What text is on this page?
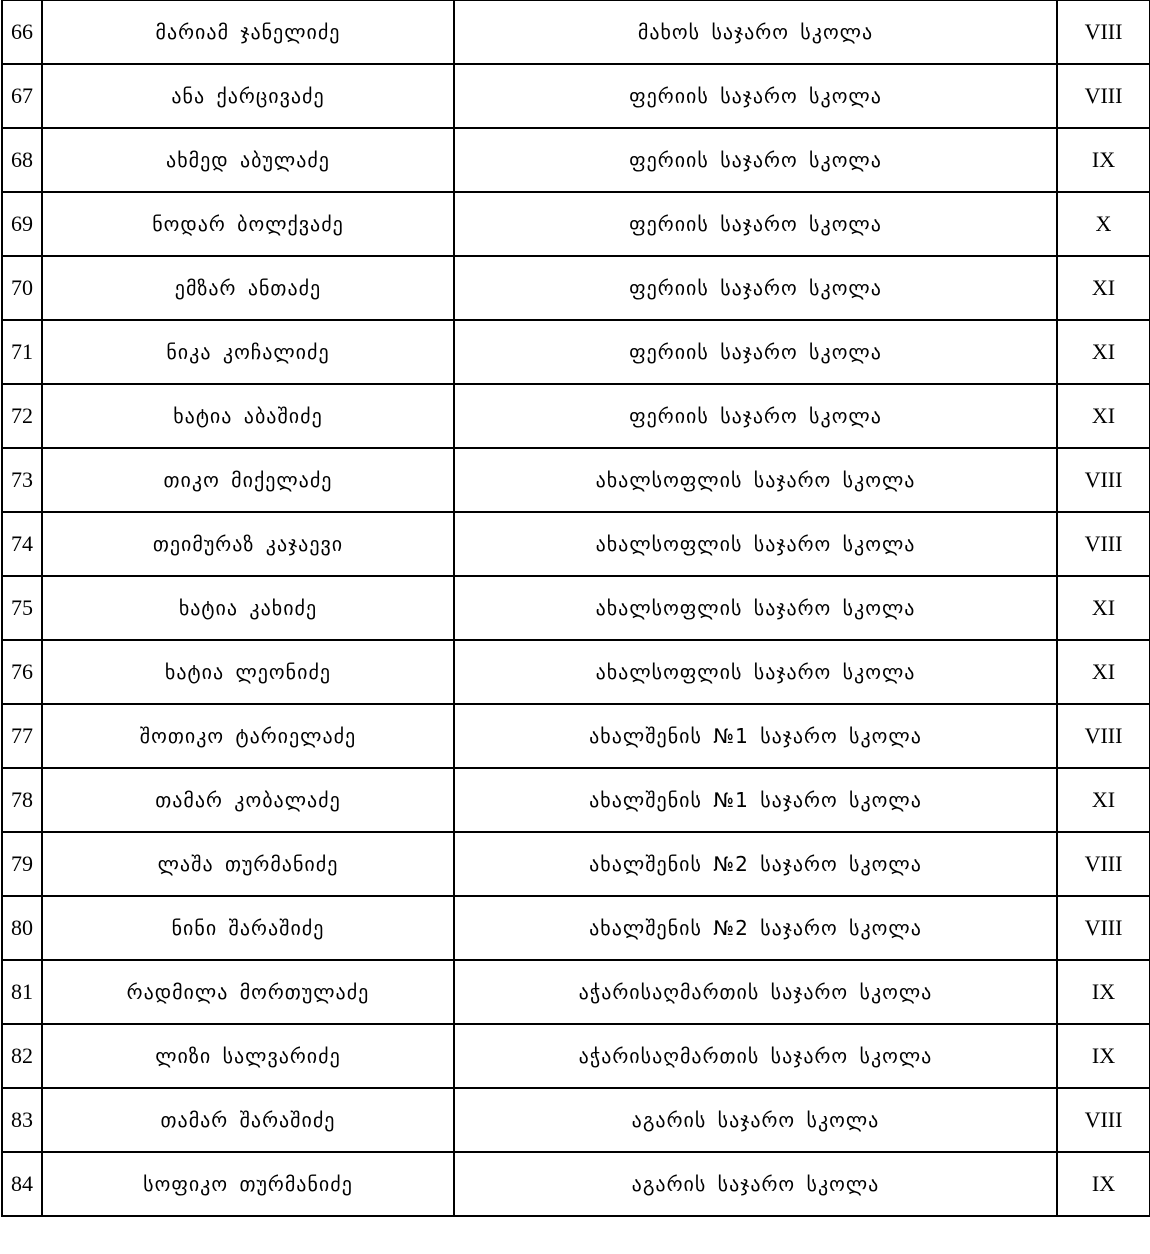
66	მარიამ ჯანელიძე	მახოს საჯარო სკოლა	VIII
67	ანა ქარცივაძე	ფერიის საჯარო სკოლა	VIII
68	ახმედ აბულაძე	ფერიის საჯარო სკოლა	IX
69	ნოდარ ბოლქვაძე	ფერიის საჯარო სკოლა	X
70	ემზარ ანთაძე	ფერიის საჯარო სკოლა	XI
71	ნიკა კოჩალიძე	ფერიის საჯარო სკოლა	XI
72	ხატია აბაშიძე	ფერიის საჯარო სკოლა	XI
73	თიკო მიქელაძე	ახალსოფლის საჯარო სკოლა	VIII
74	თეიმურაზ კაჯაევი	ახალსოფლის საჯარო სკოლა	VIII
75	ხატია კახიძე	ახალსოფლის საჯარო სკოლა	XI
76	ხატია ლეონიძე	ახალსოფლის საჯარო სკოლა	XI
77	შოთიკო ტარიელაძე	ახალშენის №1 საჯარო სკოლა	VIII
78	თამარ კობალაძე	ახალშენის №1 საჯარო სკოლა	XI
79	ლაშა თურმანიძე	ახალშენის №2 საჯარო სკოლა	VIII
80	ნინი შარაშიძე	ახალშენის №2 საჯარო სკოლა	VIII
81	რადმილა მორთულაძე	აჭარისაღმართის საჯარო სკოლა	IX
82	ლიზი სალვარიძე	აჭარისაღმართის საჯარო სკოლა	IX
83	თამარ შარაშიძე	აგარის საჯარო სკოლა	VIII
84	სოფიკო თურმანიძე	აგარის საჯარო სკოლა	IX
